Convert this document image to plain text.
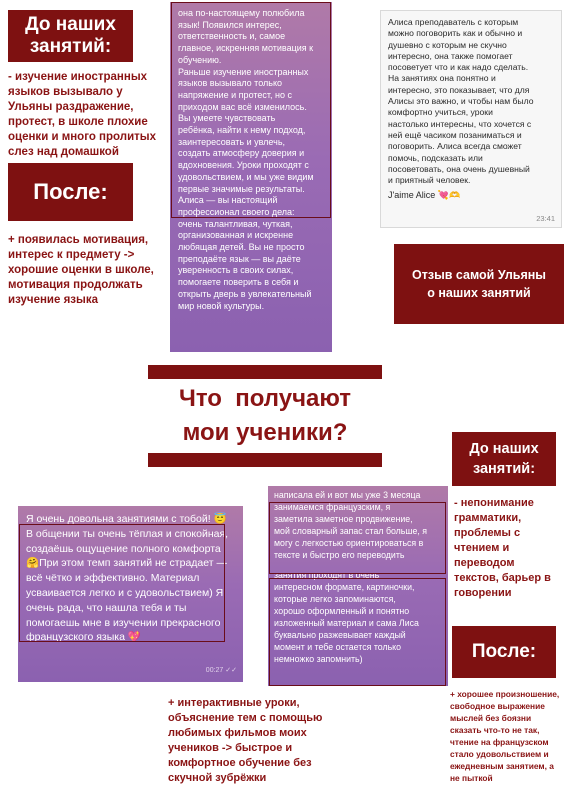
До наших занятий:
- изучение иностранных языков вызывало у Ульяны раздражение, протест, в школе плохие оценки и много пролитых слез над домашкой
После:
+ появилась мотивация, интерес к предмету -> хорошие оценки в школе, мотивация продолжать изучение языка
она по-настоящему полюбила
язык! Появился интерес,
ответственность и, самое
главное, искренняя мотивация к
обучению.
Раньше изучение иностранных
языков вызывало только
напряжение и протест, но с
приходом вас всё изменилось.
Вы умеете чувствовать
ребёнка, найти к нему подход,
заинтересовать и увлечь,
создать атмосферу доверия и
вдохновения. Уроки проходят с
удовольствием, и мы уже видим
первые значимые результаты.
Алиса — вы настоящий
профессионал своего дела:
очень талантливая, чуткая,
организованная и искренне
любящая детей. Вы не просто
преподаёте язык — вы даёте
уверенность в своих силах,
помогаете поверить в себя и
открыть дверь в увлекательный
мир новой культуры.
Алиса преподаватель с которым
можно поговорить как и обычно и
душевно с которым не скучно
интересно, она также помогает
посоветует что и как надо сделать.
На занятиях она понятно и
интересно, это показывает, что для
Алисы это важно, и чтобы нам было
комфортно учиться, уроки
настолько интересны, что хочется с
ней ещё часиком позаниматься и
поговорить. Алиса всегда сможет
помочь, подсказать или
посоветовать, она очень душевный
и приятный человек.
J'aime Alice 💘🫶
23:41
Отзыв самой Ульяны о наших занятий
Что  получают
мои ученики?
До наших занятий:
- непонимание грамматики, проблемы с чтением и переводом текстов, барьер в говорении
После:
+ хорошее произношение, свободное выражение мыслей без боязни сказать что-то не так, чтение на французском стало удовольствием и ежедневным занятием, а не пыткой
Я очень довольна занятиями с тобой! 😇 В общении ты очень тёплая и спокойная, создаёшь ощущение полного комфорта 🤗При этом темп занятий не страдает — всё чётко и эффективно. Материал усваивается легко и с удовольствием) Я очень рада, что нашла тебя и ты помогаешь мне в изучении прекрасного французского языка 💖
00:27 ✓✓
написала ей и вот мы уже 3 месяца
занимаемся французским, я
заметила заметное продвижение,
мой словарный запас стал больше, я
могу с легкостью ориентироваться в
тексте и быстро его переводить
занятия проходят в очень
интересном формате, картиночки,
которые легко запоминаются,
хорошо оформленный и понятно
изложенный материал и сама Лиса
буквально разжевывает каждый
момент и тебе остается только
немножко запомнить)
+ интерактивные уроки, объяснение тем с помощью любимых фильмов моих учеников -> быстрое и комфортное обучение без скучной зубрёжки
